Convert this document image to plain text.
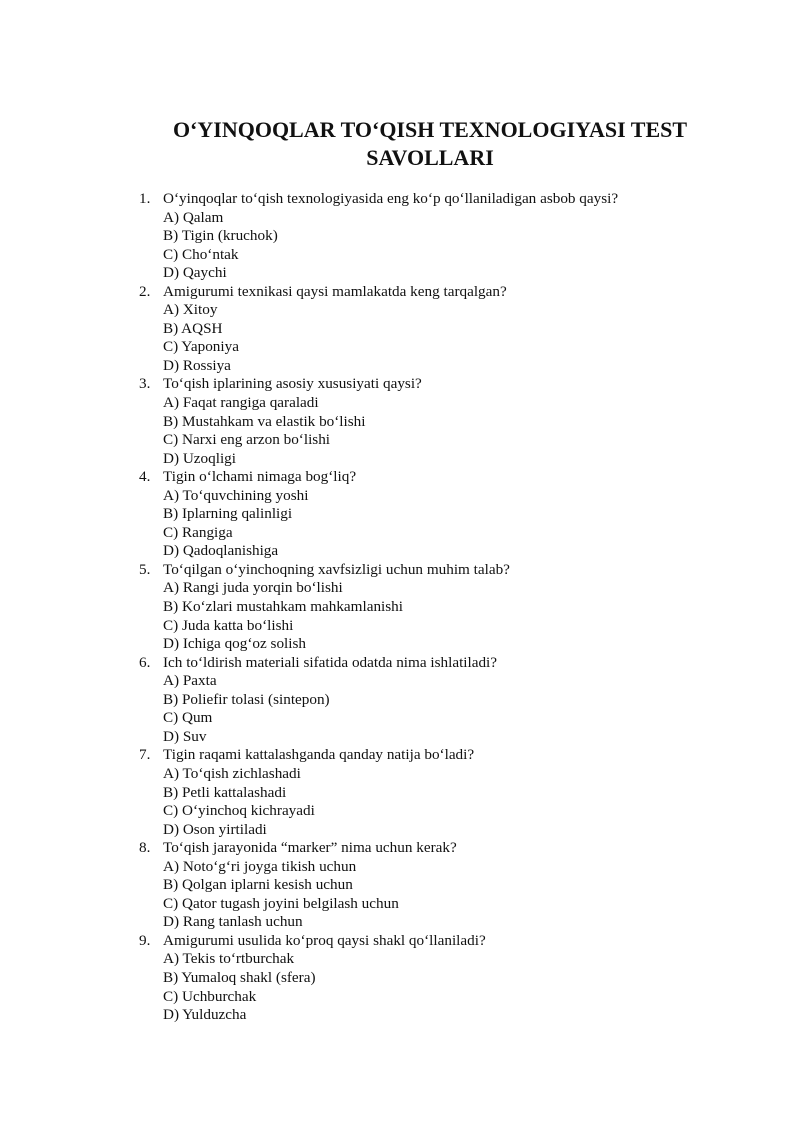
O‘YINQOQLAR TO‘QISH TEXNOLOGIYASI TEST
SAVOLLARI
1. O‘yinqoqlar to‘qish texnologiyasida eng ko‘p qo‘llaniladigan asbob qaysi?
A) Qalam
B) Tigin (kruchok)
C) Cho‘ntak
D) Qaychi
2. Amigurumi texnikasi qaysi mamlakatda keng tarqalgan?
A) Xitoy
B) AQSH
C) Yaponiya
D) Rossiya
3. To‘qish iplarining asosiy xususiyati qaysi?
A) Faqat rangiga qaraladi
B) Mustahkam va elastik bo‘lishi
C) Narxi eng arzon bo‘lishi
D) Uzoqligi
4. Tigin o‘lchami nimaga bog‘liq?
A) To‘quvchining yoshi
B) Iplarning qalinligi
C) Rangiga
D) Qadoqlanishiga
5. To‘qilgan o‘yinchoqning xavfsizligi uchun muhim talab?
A) Rangi juda yorqin bo‘lishi
B) Ko‘zlari mustahkam mahkamlanishi
C) Juda katta bo‘lishi
D) Ichiga qog‘oz solish
6. Ich to‘ldirish materiali sifatida odatda nima ishlatiladi?
A) Paxta
B) Poliefir tolasi (sintepon)
C) Qum
D) Suv
7. Tigin raqami kattalashganda qanday natija bo‘ladi?
A) To‘qish zichlashadi
B) Petli kattalashadi
C) O‘yinchoq kichrayadi
D) Oson yirtiladi
8. To‘qish jarayonida “marker” nima uchun kerak?
A) Noto‘g‘ri joyga tikish uchun
B) Qolgan iplarni kesish uchun
C) Qator tugash joyini belgilash uchun
D) Rang tanlash uchun
9. Amigurumi usulida ko‘proq qaysi shakl qo‘llaniladi?
A) Tekis to‘rtburchak
B) Yumaloq shakl (sfera)
C) Uchburchak
D) Yulduzcha
